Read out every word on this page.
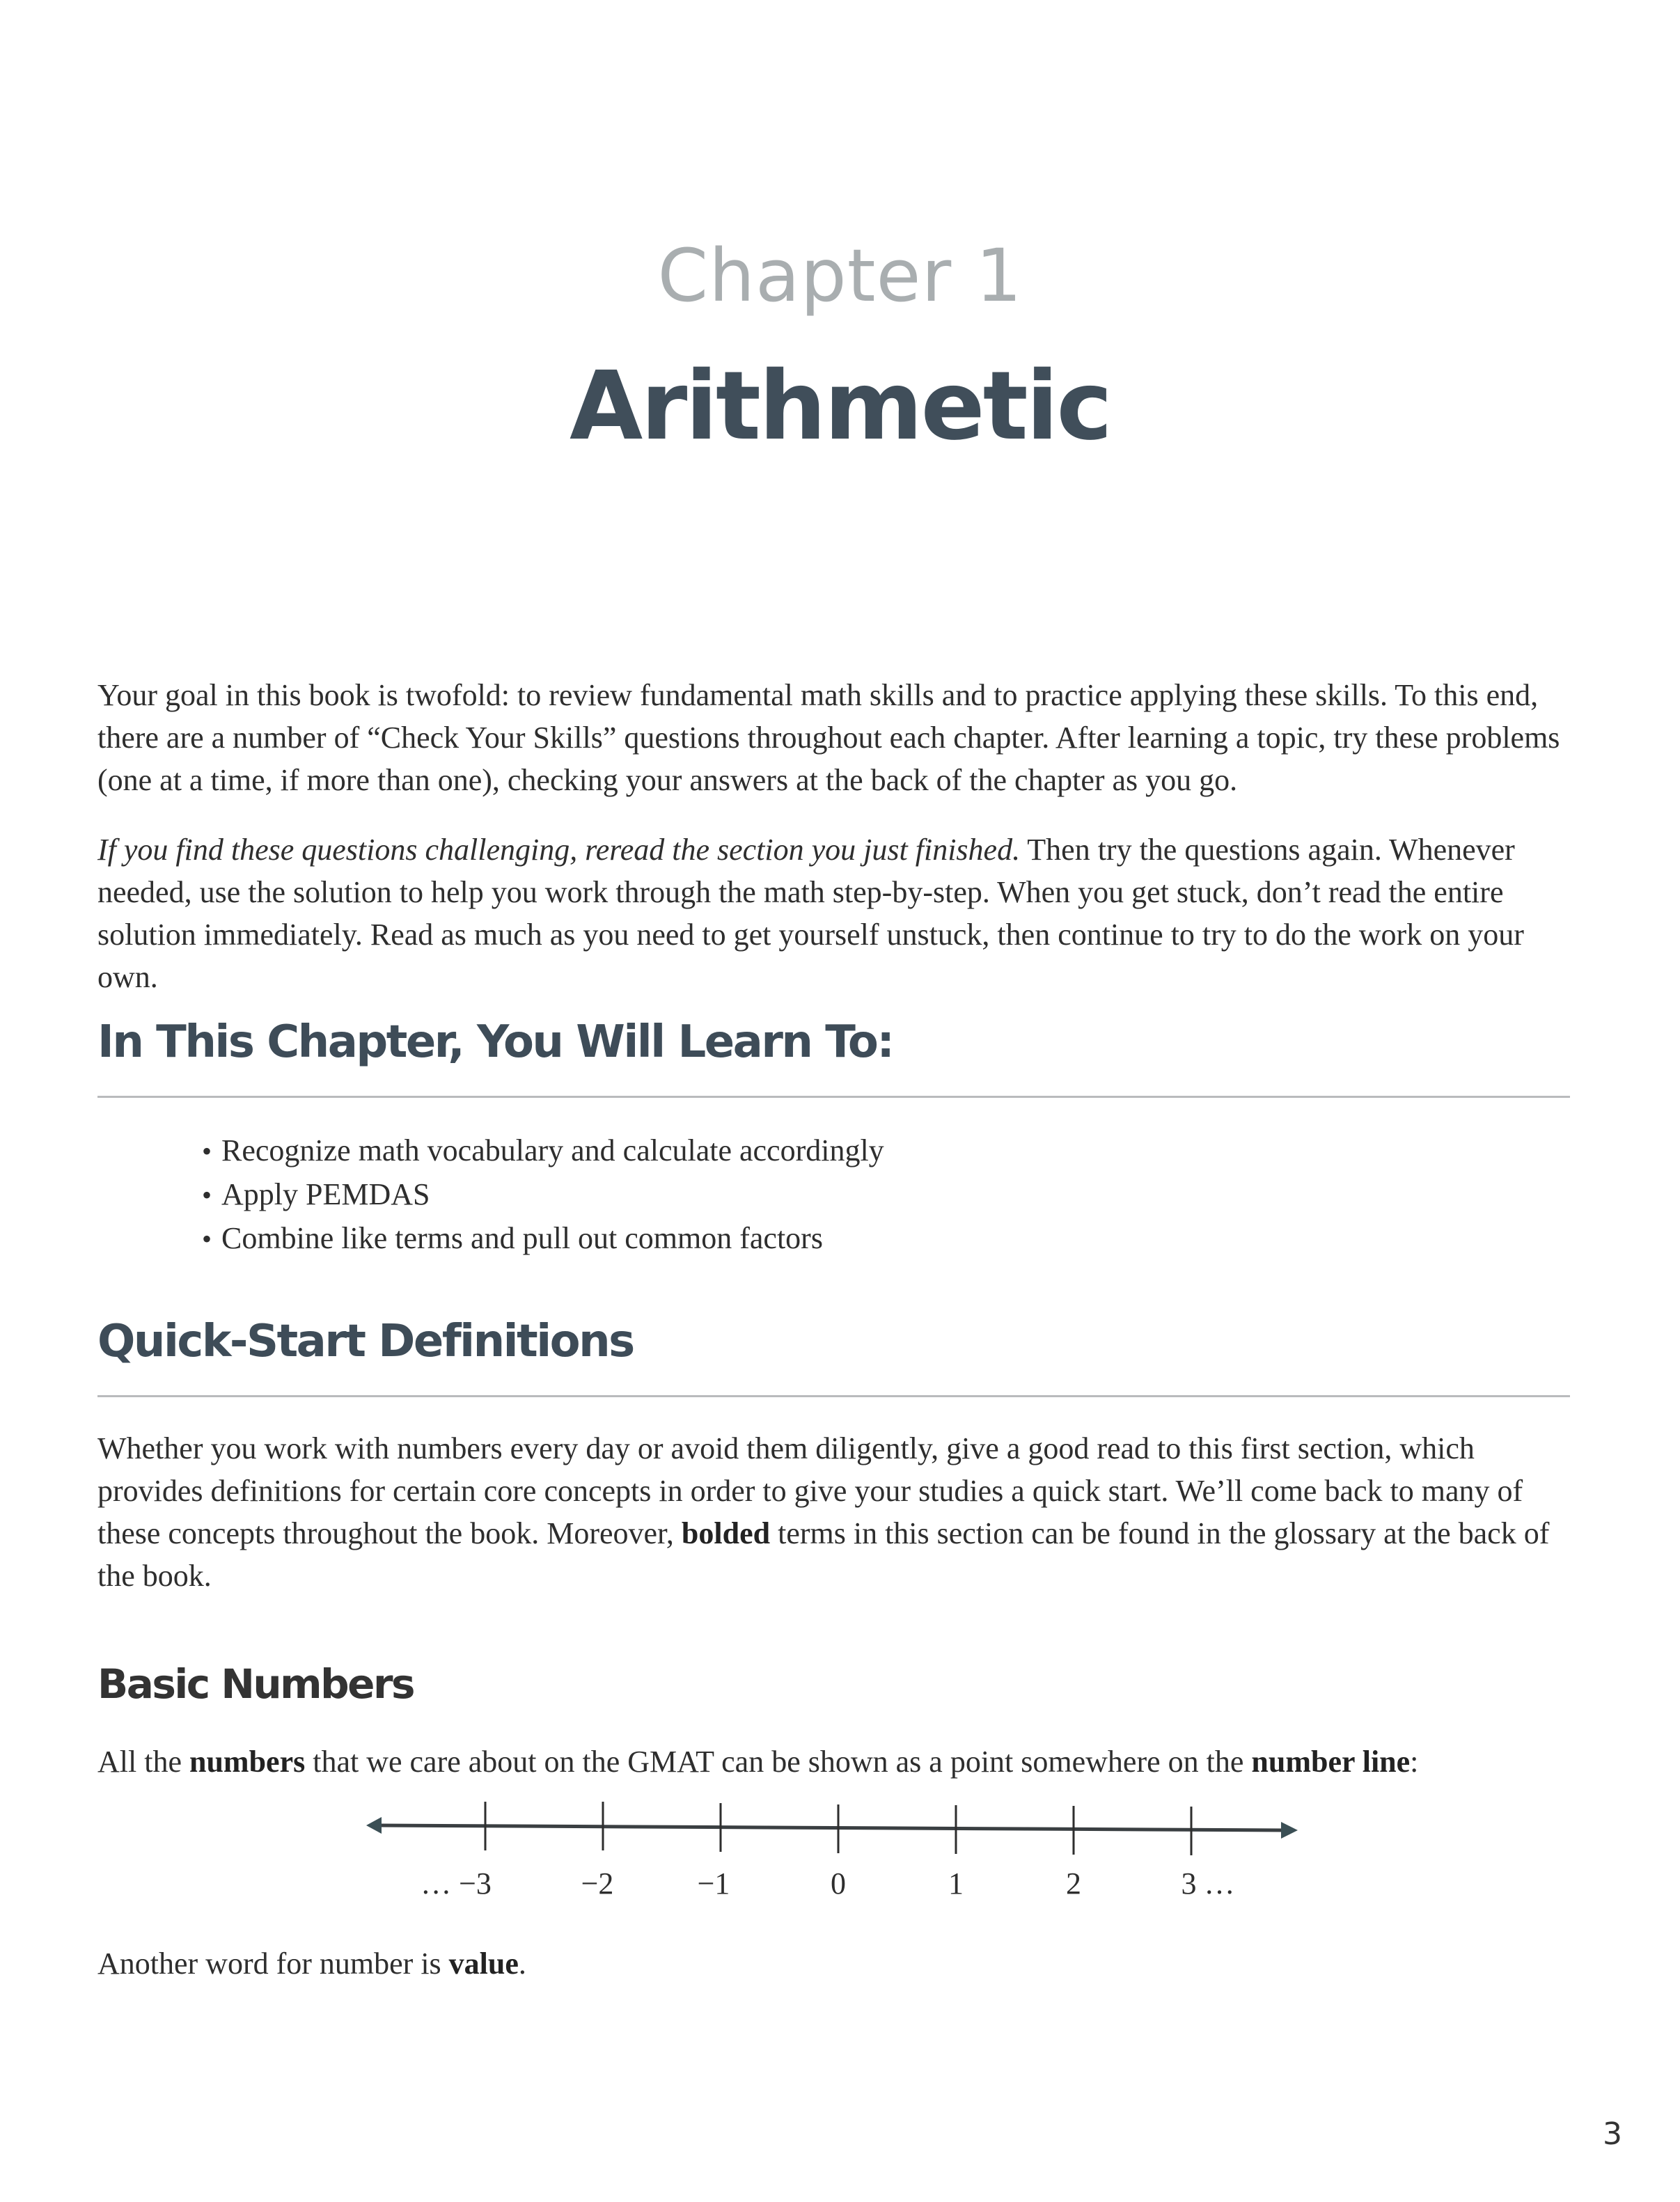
Chapter 1
Arithmetic

Your goal in this book is twofold: to review fundamental math skills and to practice applying these skills. To this end, there are a number of “Check Your Skills” questions throughout each chapter. After learning a topic, try these problems (one at a time, if more than one), checking your answers at the back of the chapter as you go.

If you find these questions challenging, reread the section you just finished. Then try the questions again. Whenever needed, use the solution to help you work through the math step-by-step. When you get stuck, don’t read the entire solution immediately. Read as much as you need to get yourself unstuck, then continue to try to do the work on your own.

In This Chapter, You Will Learn To:
• Recognize math vocabulary and calculate accordingly
• Apply PEMDAS
• Combine like terms and pull out common factors
Quick-Start Definitions

Whether you work with numbers every day or avoid them diligently, give a good read to this first section, which provides definitions for certain core concepts in order to give your studies a quick start. We’ll come back to many of these concepts throughout the book. Moreover, bolded terms in this section can be found in the glossary at the back of the book.

Basic Numbers

All the numbers that we care about on the GMAT can be shown as a point somewhere on the number line:

… −3	−2	−1	0	1	2	3 …

Another word for number is value.

3
